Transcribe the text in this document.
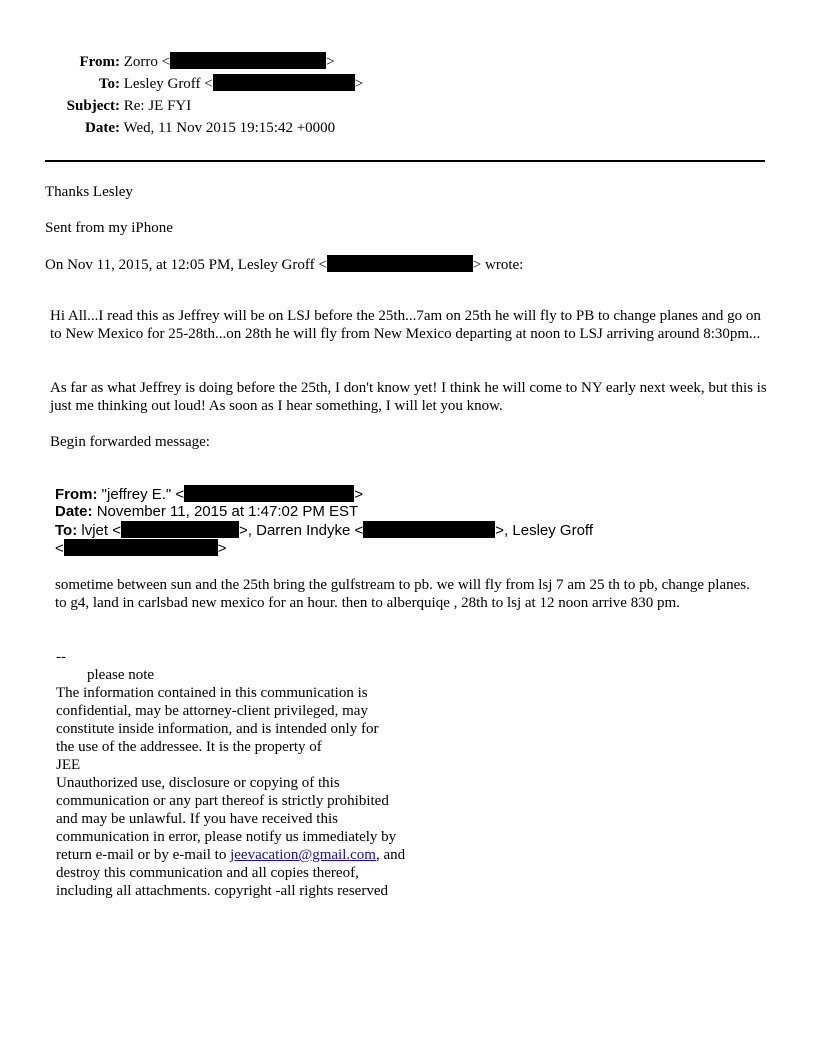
From: Zorro <	>
To: Lesley Groff <	>
Subject: Re: JE FYI
Date: Wed, 11 Nov 2015 19:15:42 +0000
Thanks Lesley
Sent from my iPhone
On Nov 11, 2015, at 12:05 PM, Lesley Groff <	> wrote:
Hi All...I read this as Jeffrey will be on LSJ before the 25th...7am on 25th he will fly to PB to change planes and go on to New Mexico for 25-28th...on 28th he will fly from New Mexico departing at noon to LSJ arriving around 8:30pm...
As far as what Jeffrey is doing before the 25th, I don't know yet! I think he will come to NY early next week, but this is just me thinking out loud! As soon as I hear something, I will let you know.
Begin forwarded message:
From: "jeffrey E." <	>
Date: November 11, 2015 at 1:47:02 PM EST
To: lvjet <	>, Darren Indyke <	>, Lesley Groff
<	>
sometime between sun and the 25th bring the gulfstream to pb. we will fly from lsj 7 am 25 th to pb, change planes. to g4, land in carlsbad new mexico for an hour. then to alberquiqe , 28th to lsj at 12 noon arrive 830 pm.
--
please note
The information contained in this communication is
confidential, may be attorney-client privileged, may
constitute inside information, and is intended only for
the use of the addressee. It is the property of
JEE
Unauthorized use, disclosure or copying of this
communication or any part thereof is strictly prohibited
and may be unlawful. If you have received this
communication in error, please notify us immediately by
return e-mail or by e-mail to jeevacation@gmail.com, and
destroy this communication and all copies thereof,
including all attachments. copyright -all rights reserved
